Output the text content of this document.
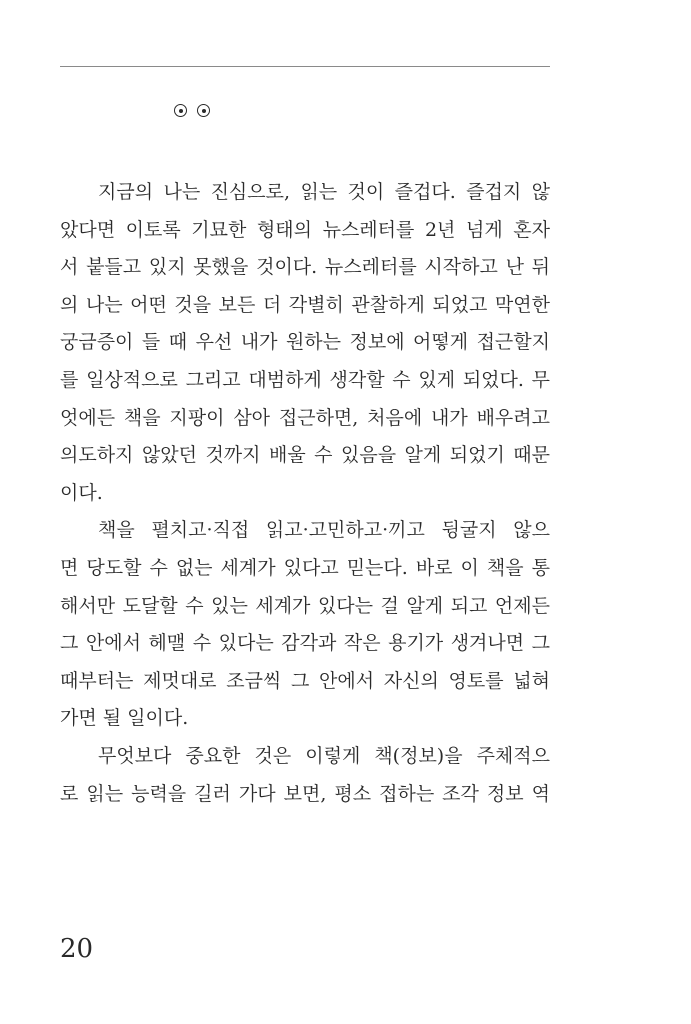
지금의 나는 진심으로, 읽는 것이 즐겁다. 즐겁지 않
았다면 이토록 기묘한 형태의 뉴스레터를 2년 넘게 혼자
서 붙들고 있지 못했을 것이다. 뉴스레터를 시작하고 난 뒤
의 나는 어떤 것을 보든 더 각별히 관찰하게 되었고 막연한
궁금증이 들 때 우선 내가 원하는 정보에 어떻게 접근할지
를 일상적으로 그리고 대범하게 생각할 수 있게 되었다. 무
엇에든 책을 지팡이 삼아 접근하면, 처음에 내가 배우려고
의도하지 않았던 것까지 배울 수 있음을 알게 되었기 때문
이다.
책을 펼치고·직접 읽고·고민하고·끼고 뒹굴지 않으
면 당도할 수 없는 세계가 있다고 믿는다. 바로 이 책을 통
해서만 도달할 수 있는 세계가 있다는 걸 알게 되고 언제든
그 안에서 헤맬 수 있다는 감각과 작은 용기가 생겨나면 그
때부터는 제멋대로 조금씩 그 안에서 자신의 영토를 넓혀
가면 될 일이다.
무엇보다 중요한 것은 이렇게 책(정보)을 주체적으
로 읽는 능력을 길러 가다 보면, 평소 접하는 조각 정보 역
20
